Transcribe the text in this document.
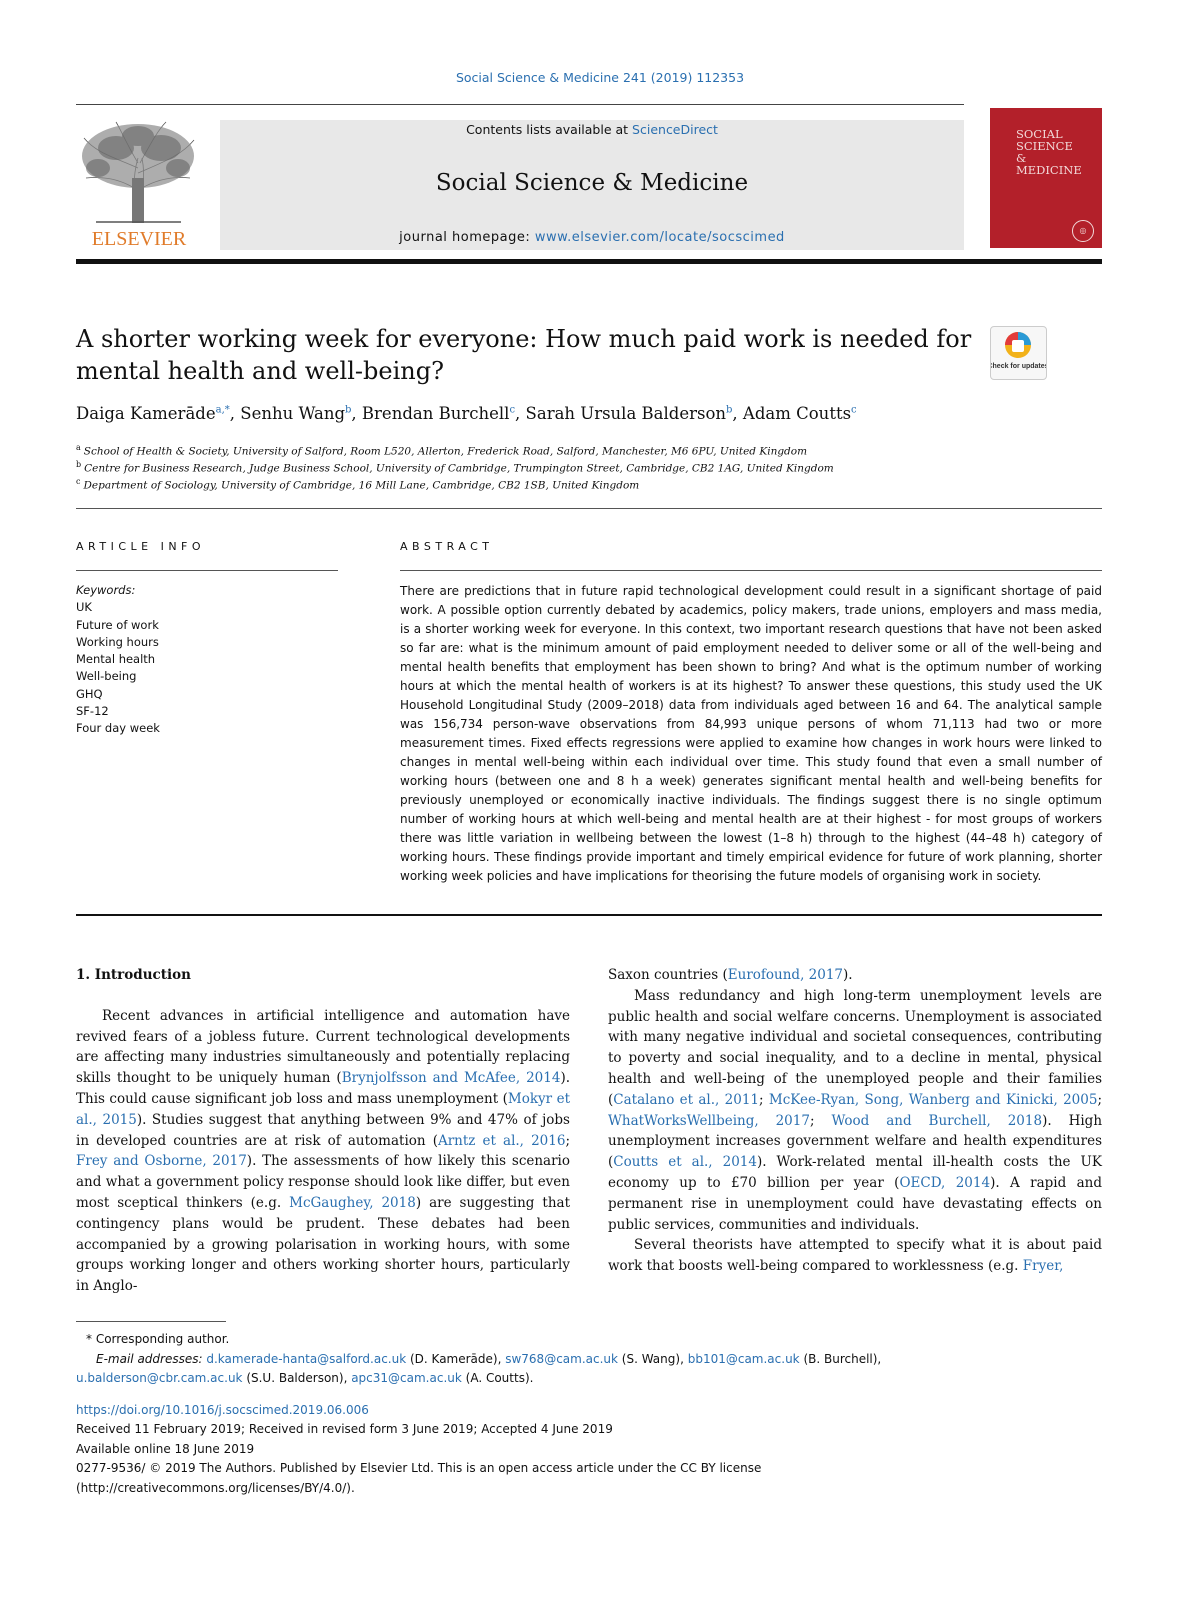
Social Science & Medicine 241 (2019) 112353
ELSEVIER
Contents lists available at ScienceDirect
Social Science & Medicine
journal homepage: www.elsevier.com/locate/socscimed
SOCIAL SCIENCE & MEDICINE
◎
A shorter working week for everyone: How much paid work is needed for mental health and well-being?	Check for updates
Daiga Kamerāde$^{a,*}$, Senhu Wang$^b$, Brendan Burchell$^c$, Sarah Ursula Balderson$^b$, Adam Coutts$^c$
$^a$ School of Health & Society, University of Salford, Room L520, Allerton, Frederick Road, Salford, Manchester, M6 6PU, United Kingdom
$^b$ Centre for Business Research, Judge Business School, University of Cambridge, Trumpington Street, Cambridge, CB2 1AG, United Kingdom
$^c$ Department of Sociology, University of Cambridge, 16 Mill Lane, Cambridge, CB2 1SB, United Kingdom
ARTICLE INFO
Keywords:
UK
Future of work
Working hours
Mental health
Well-being
GHQ
SF-12
Four day week
ABSTRACT
There are predictions that in future rapid technological development could result in a significant shortage of paid work. A possible option currently debated by academics, policy makers, trade unions, employers and mass media, is a shorter working week for everyone. In this context, two important research questions that have not been asked so far are: what is the minimum amount of paid employment needed to deliver some or all of the well-being and mental health benefits that employment has been shown to bring? And what is the optimum number of working hours at which the mental health of workers is at its highest? To answer these questions, this study used the UK Household Longitudinal Study (2009–2018) data from individuals aged between 16 and 64. The analytical sample was 156,734 person-wave observations from 84,993 unique persons of whom 71,113 had two or more measurement times. Fixed effects regressions were applied to examine how changes in work hours were linked to changes in mental well-being within each individual over time. This study found that even a small number of working hours (between one and 8 h a week) generates significant mental health and well-being benefits for previously unemployed or economically inactive individuals. The findings suggest there is no single optimum number of working hours at which well-being and mental health are at their highest - for most groups of workers there was little variation in wellbeing between the lowest (1–8 h) through to the highest (44–48 h) category of working hours. These findings provide important and timely empirical evidence for future of work planning, shorter working week policies and have implications for theorising the future models of organising work in society.

1. Introduction

Recent advances in artificial intelligence and automation have revived fears of a jobless future. Current technological developments are affecting many industries simultaneously and potentially replacing skills thought to be uniquely human (Brynjolfsson and McAfee, 2014). This could cause significant job loss and mass unemployment (Mokyr et al., 2015). Studies suggest that anything between 9% and 47% of jobs in developed countries are at risk of automation (Arntz et al., 2016; Frey and Osborne, 2017). The assessments of how likely this scenario and what a government policy response should look like differ, but even most sceptical thinkers (e.g. McGaughey, 2018) are suggesting that contingency plans would be prudent. These debates had been accompanied by a growing polarisation in working hours, with some groups working longer and others working shorter hours, particularly in Anglo-

Saxon countries (Eurofound, 2017).

Mass redundancy and high long-term unemployment levels are public health and social welfare concerns. Unemployment is associated with many negative individual and societal consequences, contributing to poverty and social inequality, and to a decline in mental, physical health and well-being of the unemployed people and their families (Catalano et al., 2011; McKee-Ryan, Song, Wanberg and Kinicki, 2005; WhatWorksWellbeing, 2017; Wood and Burchell, 2018). High unemployment increases government welfare and health expenditures (Coutts et al., 2014). Work-related mental ill-health costs the UK economy up to £70 billion per year (OECD, 2014). A rapid and permanent rise in unemployment could have devastating effects on public services, communities and individuals.

Several theorists have attempted to specify what it is about paid work that boosts well-being compared to worklessness (e.g. Fryer,

* Corresponding author.
E-mail addresses: d.kamerade-hanta@salford.ac.uk (D. Kamerāde), sw768@cam.ac.uk (S. Wang), bb101@cam.ac.uk (B. Burchell),
u.balderson@cbr.cam.ac.uk (S.U. Balderson), apc31@cam.ac.uk (A. Coutts).
https://doi.org/10.1016/j.socscimed.2019.06.006
Received 11 February 2019; Received in revised form 3 June 2019; Accepted 4 June 2019
Available online 18 June 2019
0277-9536/ © 2019 The Authors. Published by Elsevier Ltd. This is an open access article under the CC BY license
(http://creativecommons.org/licenses/BY/4.0/).
